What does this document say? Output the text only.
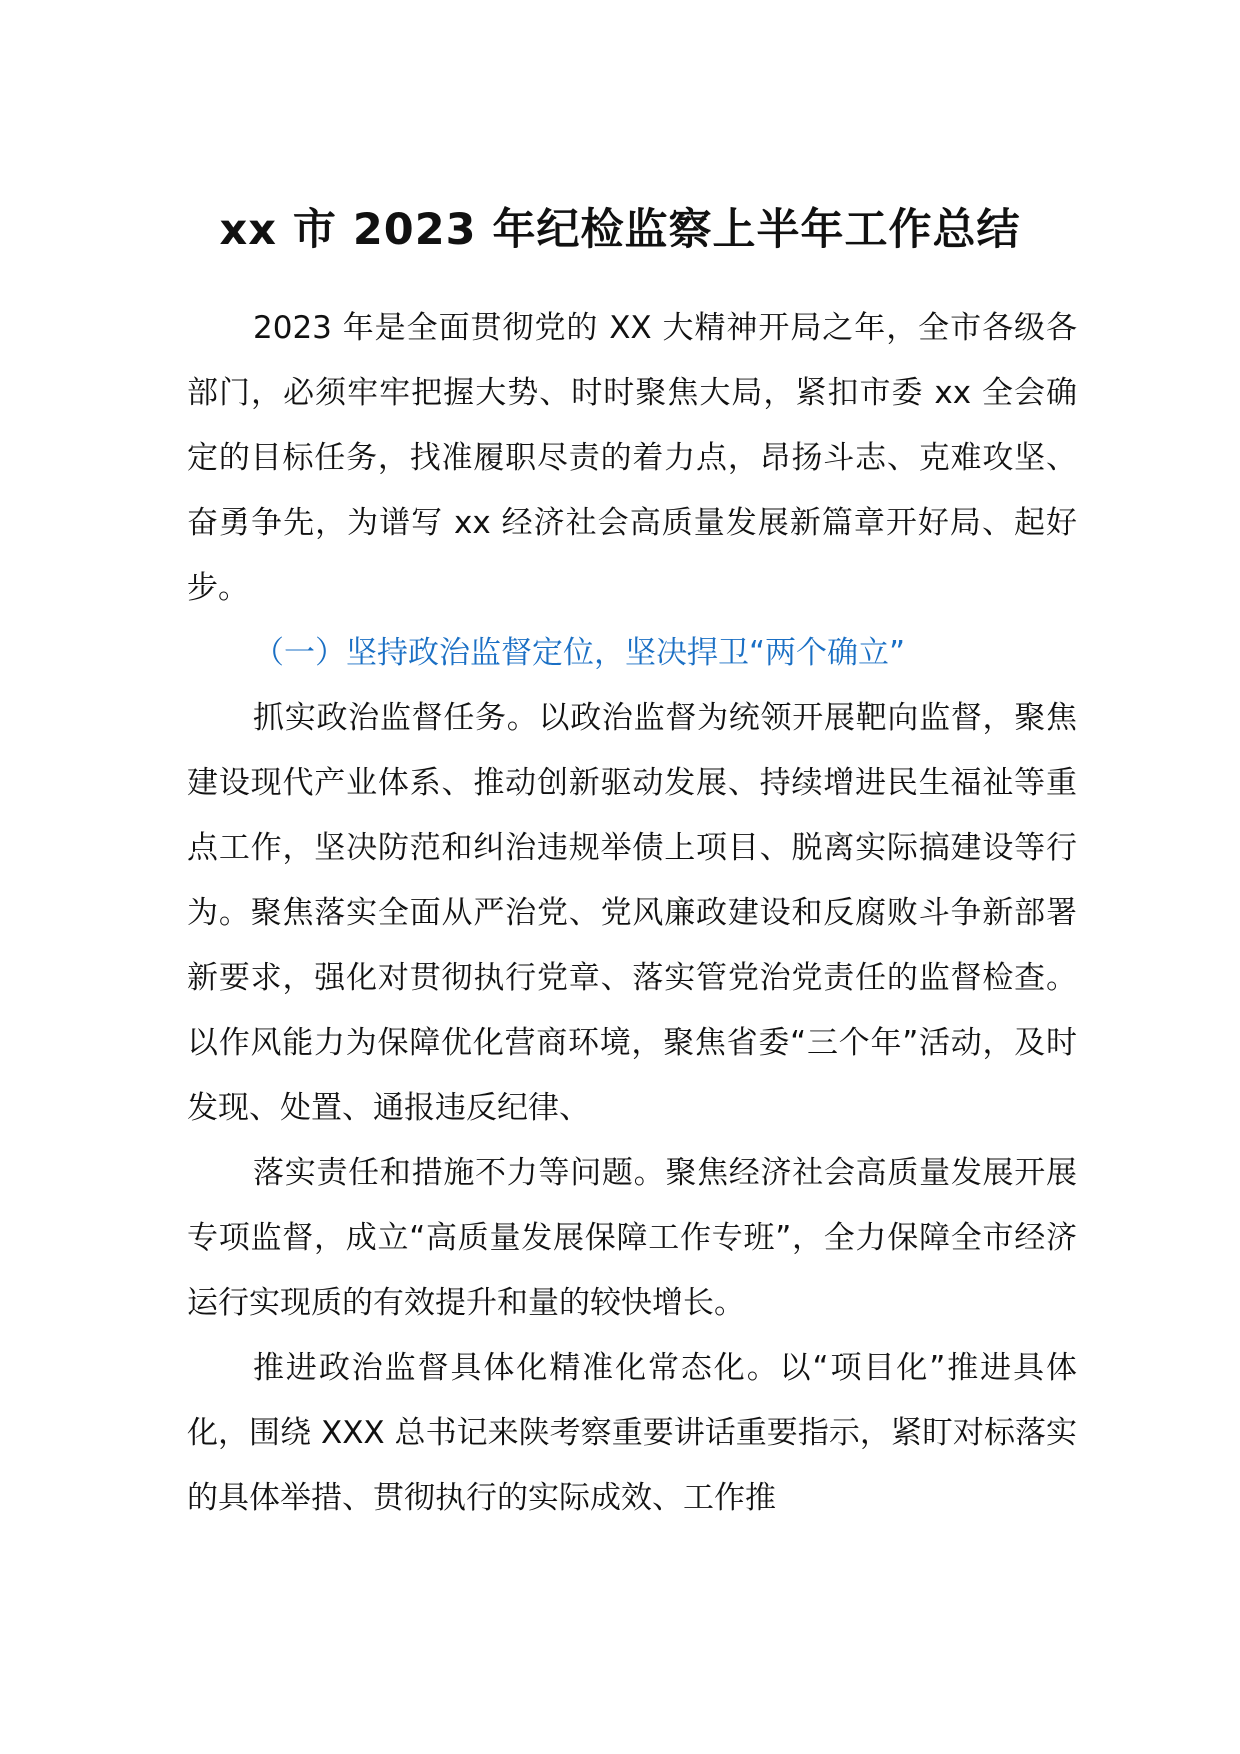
xx 市 2023 年纪检监察上半年工作总结

2023 年是全面贯彻党的 XX 大精神开局之年，全市各级各部门，必须牢牢把握大势、时时聚焦大局，紧扣市委 xx 全会确定的目标任务，找准履职尽责的着力点，昂扬斗志、克难攻坚、奋勇争先，为谱写 xx 经济社会高质量发展新篇章开好局、起好步。

（一）坚持政治监督定位，坚决捍卫“两个确立”

抓实政治监督任务。以政治监督为统领开展靶向监督，聚焦建设现代产业体系、推动创新驱动发展、持续增进民生福祉等重点工作，坚决防范和纠治违规举债上项目、脱离实际搞建设等行为。聚焦落实全面从严治党、党风廉政建设和反腐败斗争新部署新要求，强化对贯彻执行党章、落实管党治党责任的监督检查。以作风能力为保障优化营商环境，聚焦省委“三个年”活动，及时发现、处置、通报违反纪律、

落实责任和措施不力等问题。聚焦经济社会高质量发展开展专项监督，成立“高质量发展保障工作专班”，全力保障全市经济运行实现质的有效提升和量的较快增长。

推进政治监督具体化精准化常态化。以“项目化”推进具体化，围绕 XXX 总书记来陕考察重要讲话重要指示，紧盯对标落实的具体举措、贯彻执行的实际成效、工作推
